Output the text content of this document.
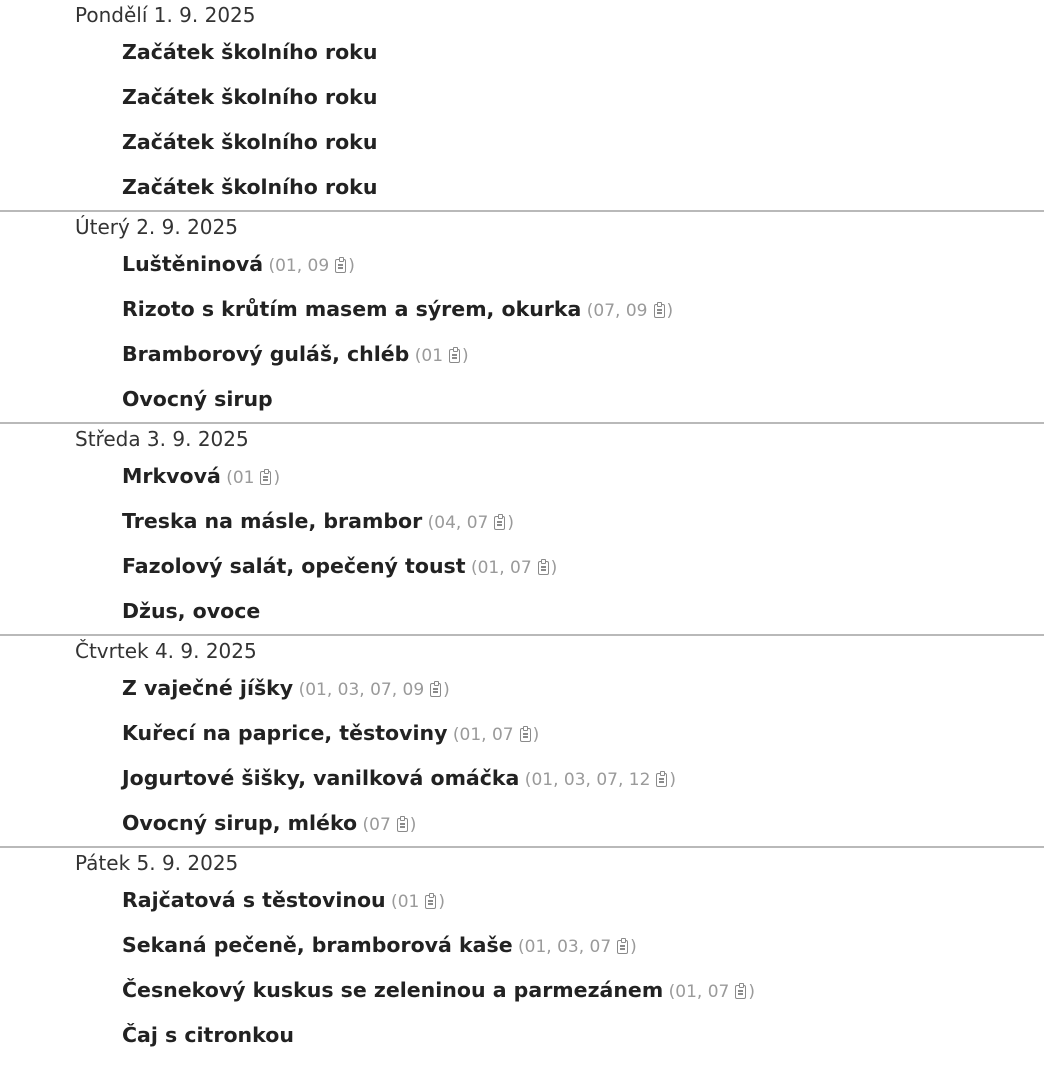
Pondělí 1. 9. 2025
Začátek školního roku
Začátek školního roku
Začátek školního roku
Začátek školního roku
Úterý 2. 9. 2025
Luštěninová (01, 09 )
Rizoto s krůtím masem a sýrem, okurka (07, 09 )
Bramborový guláš, chléb (01 )
Ovocný sirup
Středa 3. 9. 2025
Mrkvová (01 )
Treska na másle, brambor (04, 07 )
Fazolový salát, opečený toust (01, 07 )
Džus, ovoce
Čtvrtek 4. 9. 2025
Z vaječné jíšky (01, 03, 07, 09 )
Kuřecí na paprice, těstoviny (01, 07 )
Jogurtové šišky, vanilková omáčka (01, 03, 07, 12 )
Ovocný sirup, mléko (07 )
Pátek 5. 9. 2025
Rajčatová s těstovinou (01 )
Sekaná pečeně, bramborová kaše (01, 03, 07 )
Česnekový kuskus se zeleninou a parmezánem (01, 07 )
Čaj s citronkou
